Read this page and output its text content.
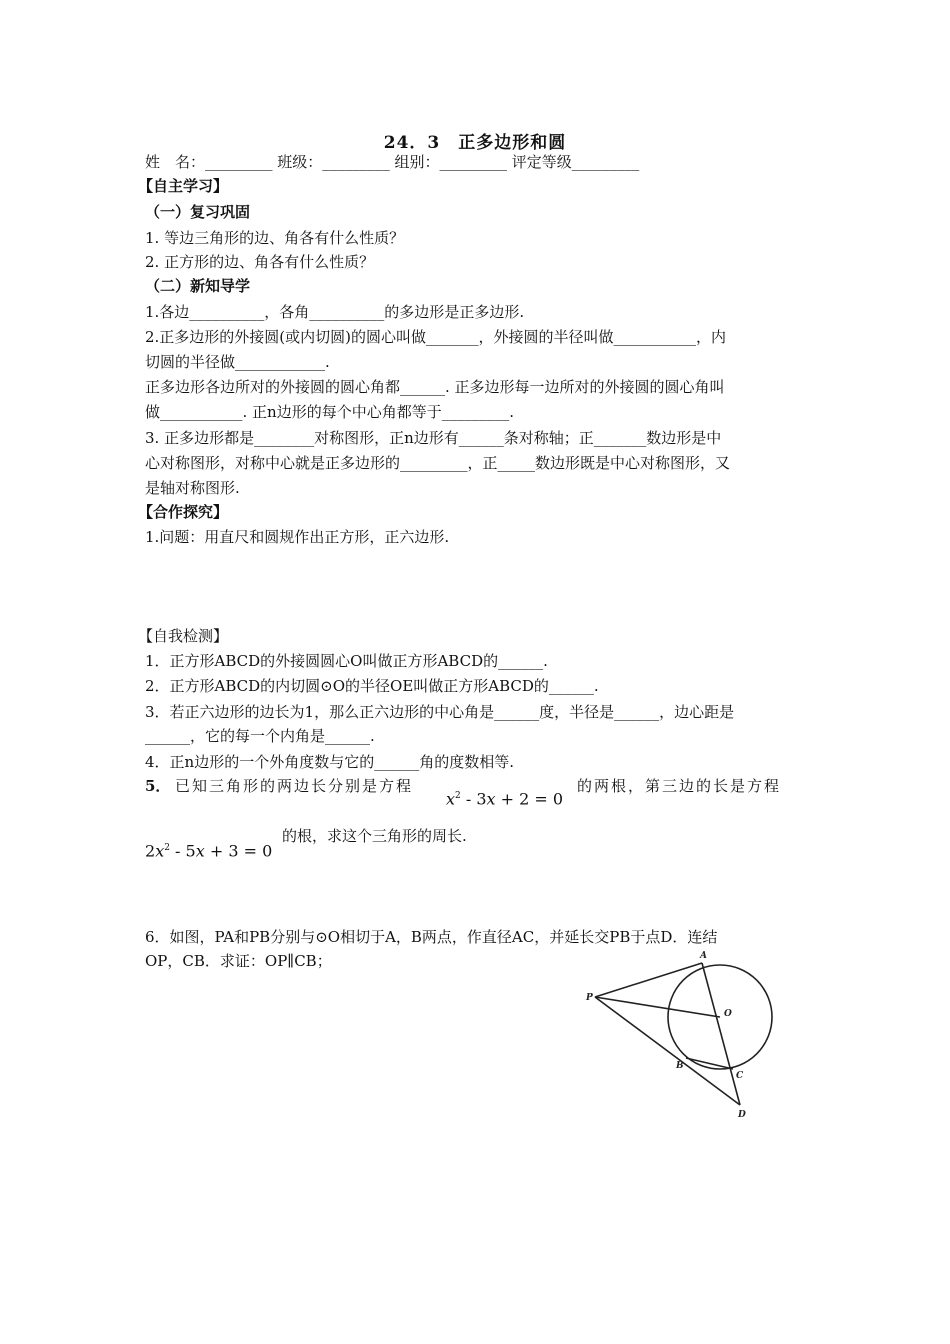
24．3 正多边形和圆
姓　名：_________ 班级：_________ 组别：_________ 评定等级_________
【自主学习】
（一）复习巩固
1. 等边三角形的边、角各有什么性质？
2. 正方形的边、角各有什么性质？
（二）新知导学
1.各边__________，各角__________的多边形是正多边形.
2.正多边形的外接圆(或内切圆)的圆心叫做_______，外接圆的半径叫做___________，内
切圆的半径做____________.
正多边形各边所对的外接圆的圆心角都______. 正多边形每一边所对的外接圆的圆心角叫
做___________. 正n边形的每个中心角都等于_________.
3. 正多边形都是________对称图形，正n边形有______条对称轴；正_______数边形是中
心对称图形，对称中心就是正多边形的_________，正_____数边形既是中心对称图形，又
是轴对称图形.
【合作探究】
1.问题：用直尺和圆规作出正方形，正六边形.
【自我检测】
1．正方形ABCD的外接圆圆心O叫做正方形ABCD的______.
2．正方形ABCD的内切圆⊙O的半径OE叫做正方形ABCD的______.
3．若正六边形的边长为1，那么正六边形的中心角是______度，半径是______，边心距是
______，它的每一个内角是______.
4．正n边形的一个外角度数与它的______角的度数相等.
5． 已知三角形的两边长分别是方程
$x^2 - 3x + 2 = 0$
的两根，第三边的长是方程
$2x^2 - 5x + 3 = 0$
的根，求这个三角形的周长.
6．如图，PA和PB分别与⊙O相切于A，B两点，作直径AC，并延长交PB于点D．连结
OP，CB．求证：OP∥CB；	A
P
O
B
C
D
